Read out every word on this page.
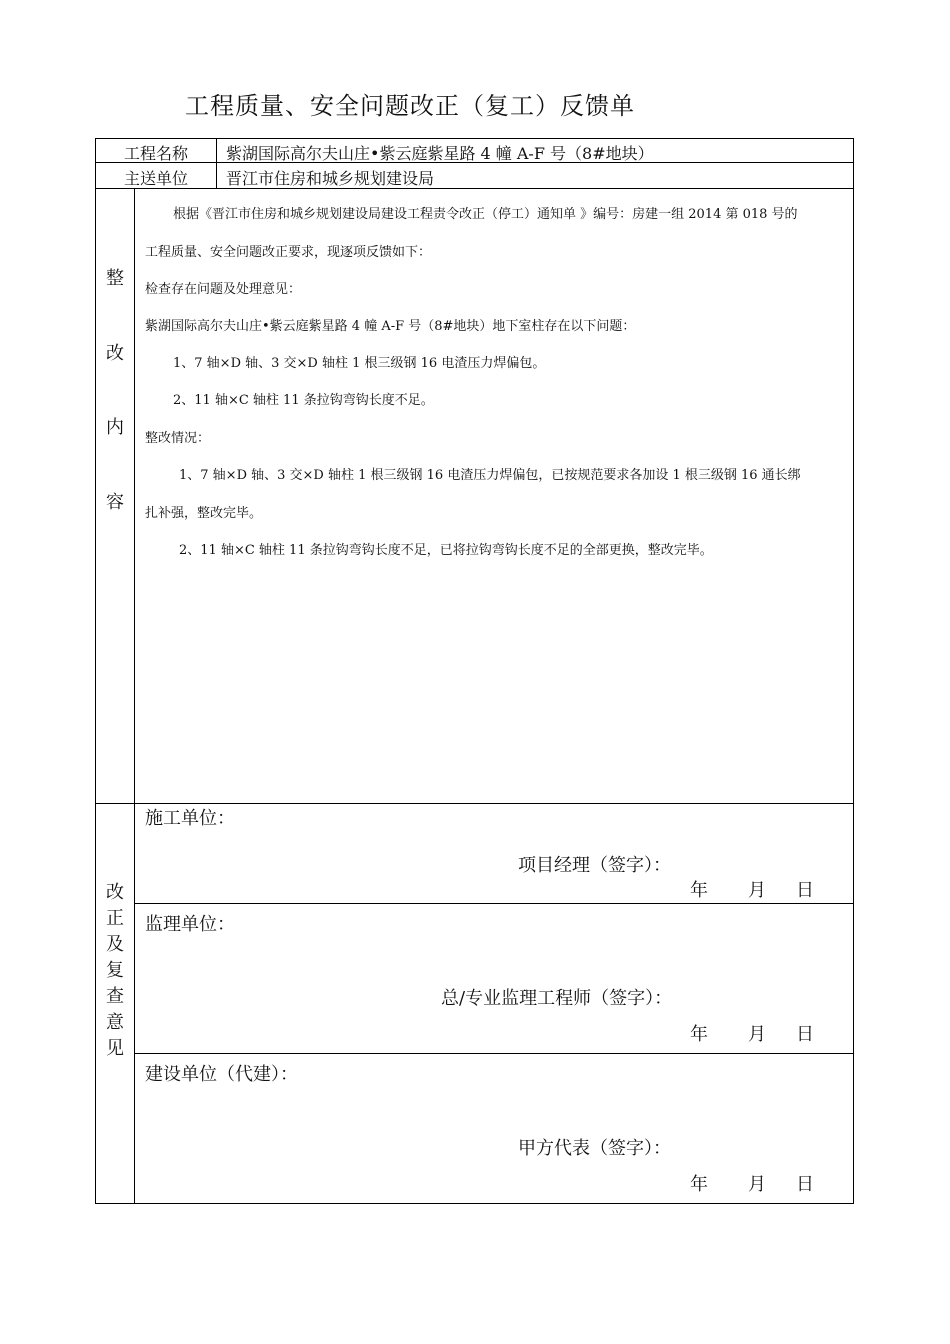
工程质量、安全问题改正（复工）反馈单
工程名称	紫湖国际高尔夫山庄•紫云庭紫星路 4 幢 A-F 号（8#地块）
主送单位	晋江市住房和城乡规划建设局
整
改
内
容
根据《晋江市住房和城乡规划建设局建设工程责令改正（停工）通知单 》编号：房建一组 2014 第 018 号的
工程质量、安全问题改正要求，现逐项反馈如下：
检查存在问题及处理意见：
紫湖国际高尔夫山庄•紫云庭紫星路 4 幢 A-F 号（8#地块）地下室柱存在以下问题：
1、7 轴×D 轴、3 交×D 轴柱 1 根三级钢 16 电渣压力焊偏包。
2、11 轴×C 轴柱 11 条拉钩弯钩长度不足。
整改情况：
1、7 轴×D 轴、3 交×D 轴柱 1 根三级钢 16 电渣压力焊偏包，已按规范要求各加设 1 根三级钢 16 通长绑
扎补强，整改完毕。
2、11 轴×C 轴柱 11 条拉钩弯钩长度不足，已将拉钩弯钩长度不足的全部更换，整改完毕。
改
正
及
复
查
意
见
施工单位：
项目经理（签字）：
年 月 日
监理单位：
总/专业监理工程师（签字）：
年 月 日
建设单位（代建）：
甲方代表（签字）：
年 月 日
